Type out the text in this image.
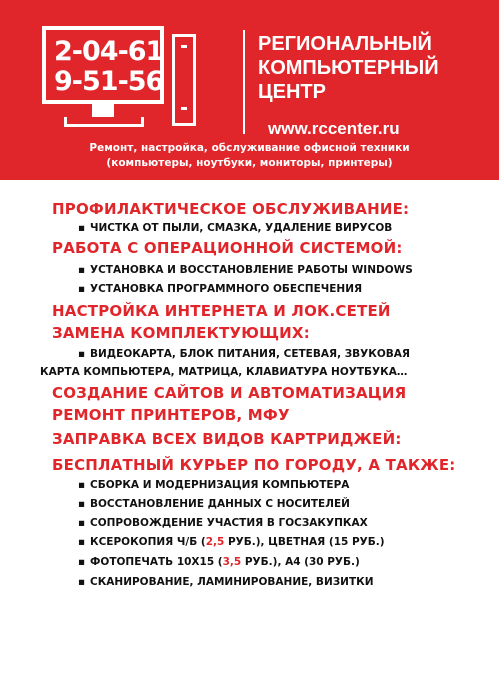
2-04-61
9-51-56
РЕГИОНАЛЬНЫЙ
КОМПЬЮТЕРНЫЙ
ЦЕНТР
www.rccenter.ru
Ремонт, настройка, обслуживание офисной техники
(компьютеры, ноутбуки, мониторы, принтеры)
ПРОФИЛАКТИЧЕСКОЕ ОБСЛУЖИВАНИЕ:
▪ ЧИСТКА ОТ ПЫЛИ, СМАЗКА, УДАЛЕНИЕ ВИРУСОВ
РАБОТА С ОПЕРАЦИОННОЙ СИСТЕМОЙ:
▪ УСТАНОВКА И ВОССТАНОВЛЕНИЕ РАБОТЫ WINDOWS
▪ УСТАНОВКА ПРОГРАММНОГО ОБЕСПЕЧЕНИЯ
НАСТРОЙКА ИНТЕРНЕТА И ЛОК.СЕТЕЙ
ЗАМЕНА КОМПЛЕКТУЮЩИХ:
▪ ВИДЕОКАРТА, БЛОК ПИТАНИЯ, СЕТЕВАЯ, ЗВУКОВАЯ
КАРТА КОМПЬЮТЕРА, МАТРИЦА, КЛАВИАТУРА НОУТБУКА…
СОЗДАНИЕ САЙТОВ И АВТОМАТИЗАЦИЯ
РЕМОНТ ПРИНТЕРОВ, МФУ
ЗАПРАВКА ВСЕХ ВИДОВ КАРТРИДЖЕЙ:
БЕСПЛАТНЫЙ КУРЬЕР ПО ГОРОДУ, А ТАКЖЕ:
▪ СБОРКА И МОДЕРНИЗАЦИЯ КОМПЬЮТЕРА
▪ ВОССТАНОВЛЕНИЕ ДАННЫХ С НОСИТЕЛЕЙ
▪ СОПРОВОЖДЕНИЕ УЧАСТИЯ В ГОСЗАКУПКАХ
▪ КСЕРОКОПИЯ Ч/Б (2,5 РУБ.), ЦВЕТНАЯ (15 РУБ.)
▪ ФОТОПЕЧАТЬ 10Х15 (3,5 РУБ.), А4 (30 РУБ.)
▪ СКАНИРОВАНИЕ, ЛАМИНИРОВАНИЕ, ВИЗИТКИ
